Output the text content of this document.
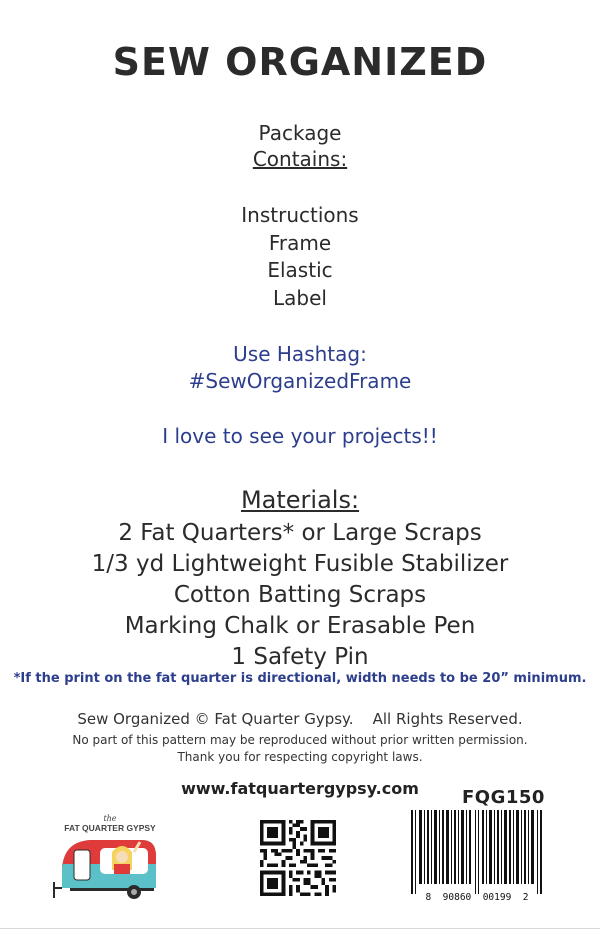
SEW ORGANIZED
Package
Contains:
Instructions
Frame
Elastic
Label
Use Hashtag:
#SewOrganizedFrame
I love to see your projects!!
Materials:
2 Fat Quarters* or Large Scraps
1/3 yd Lightweight Fusible Stabilizer
Cotton Batting Scraps
Marking Chalk or Erasable Pen
1 Safety Pin
*If the print on the fat quarter is directional, width needs to be 20” minimum.
Sew Organized © Fat Quarter Gypsy.    All Rights Reserved.
No part of this pattern may be reproduced without prior written permission.
Thank you for respecting copyright laws.
www.fatquartergypsy.com	FQG150
the
FAT QUARTER GYPSY
8  90860  00199  2
